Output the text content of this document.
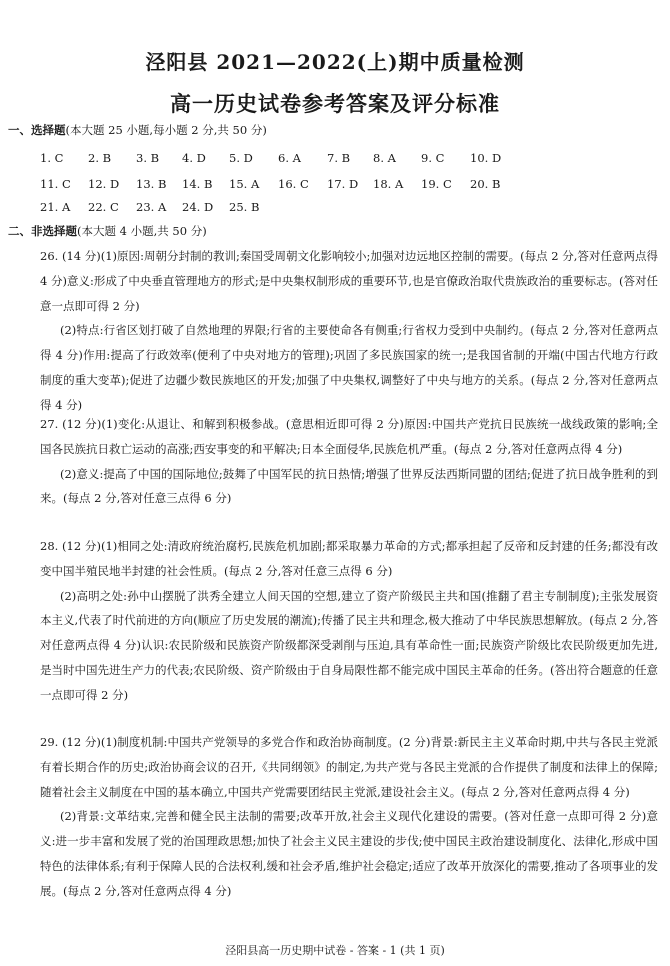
泾阳县 2021—2022(上)期中质量检测
高一历史试卷参考答案及评分标准
一、选择题(本大题 25 小题,每小题 2 分,共 50 分)
1. C 2. B 3. B 4. D 5. D 6. A 7. B 8. A 9. C 10. D
11. C 12. D 13. B 14. B 15. A 16. C 17. D 18. A 19. C 20. B
21. A 22. C 23. A 24. D 25. B
二、非选择题(本大题 4 小题,共 50 分)

26. (14 分)(1)原因:周朝分封制的教训;秦国受周朝文化影响较小;加强对边远地区控制的需要。(每点 2 分,答对任意两点得 4 分)意义:形成了中央垂直管理地方的形式;是中央集权制形成的重要环节,也是官僚政治取代贵族政治的重要标志。(答对任意一点即可得 2 分)

(2)特点:行省区划打破了自然地理的界限;行省的主要使命各有侧重;行省权力受到中央制约。(每点 2 分,答对任意两点得 4 分)作用:提高了行政效率(便利了中央对地方的管理);巩固了多民族国家的统一;是我国省制的开端(中国古代地方行政制度的重大变革);促进了边疆少数民族地区的开发;加强了中央集权,调整好了中央与地方的关系。(每点 2 分,答对任意两点得 4 分)

27. (12 分)(1)变化:从退让、和解到积极参战。(意思相近即可得 2 分)原因:中国共产党抗日民族统一战线政策的影响;全国各民族抗日救亡运动的高涨;西安事变的和平解决;日本全面侵华,民族危机严重。(每点 2 分,答对任意两点得 4 分)

(2)意义:提高了中国的国际地位;鼓舞了中国军民的抗日热情;增强了世界反法西斯同盟的团结;促进了抗日战争胜利的到来。(每点 2 分,答对任意三点得 6 分)

28. (12 分)(1)相同之处:清政府统治腐朽,民族危机加剧;都采取暴力革命的方式;都承担起了反帝和反封建的任务;都没有改变中国半殖民地半封建的社会性质。(每点 2 分,答对任意三点得 6 分)

(2)高明之处:孙中山摆脱了洪秀全建立人间天国的空想,建立了资产阶级民主共和国(推翻了君主专制制度);主张发展资本主义,代表了时代前进的方向(顺应了历史发展的潮流);传播了民主共和理念,极大推动了中华民族思想解放。(每点 2 分,答对任意两点得 4 分)认识:农民阶级和民族资产阶级都深受剥削与压迫,具有革命性一面;民族资产阶级比农民阶级更加先进,是当时中国先进生产力的代表;农民阶级、资产阶级由于自身局限性都不能完成中国民主革命的任务。(答出符合题意的任意一点即可得 2 分)

29. (12 分)(1)制度机制:中国共产党领导的多党合作和政治协商制度。(2 分)背景:新民主主义革命时期,中共与各民主党派有着长期合作的历史;政治协商会议的召开,《共同纲领》的制定,为共产党与各民主党派的合作提供了制度和法律上的保障;随着社会主义制度在中国的基本确立,中国共产党需要团结民主党派,建设社会主义。(每点 2 分,答对任意两点得 4 分)

(2)背景:文革结束,完善和健全民主法制的需要;改革开放,社会主义现代化建设的需要。(答对任意一点即可得 2 分)意义:进一步丰富和发展了党的治国理政思想;加快了社会主义民主建设的步伐;使中国民主政治建设制度化、法律化,形成中国特色的法律体系;有利于保障人民的合法权利,缓和社会矛盾,维护社会稳定;适应了改革开放深化的需要,推动了各项事业的发展。(每点 2 分,答对任意两点得 4 分)

泾阳县高一历史期中试卷 - 答案 - 1 (共 1 页)
